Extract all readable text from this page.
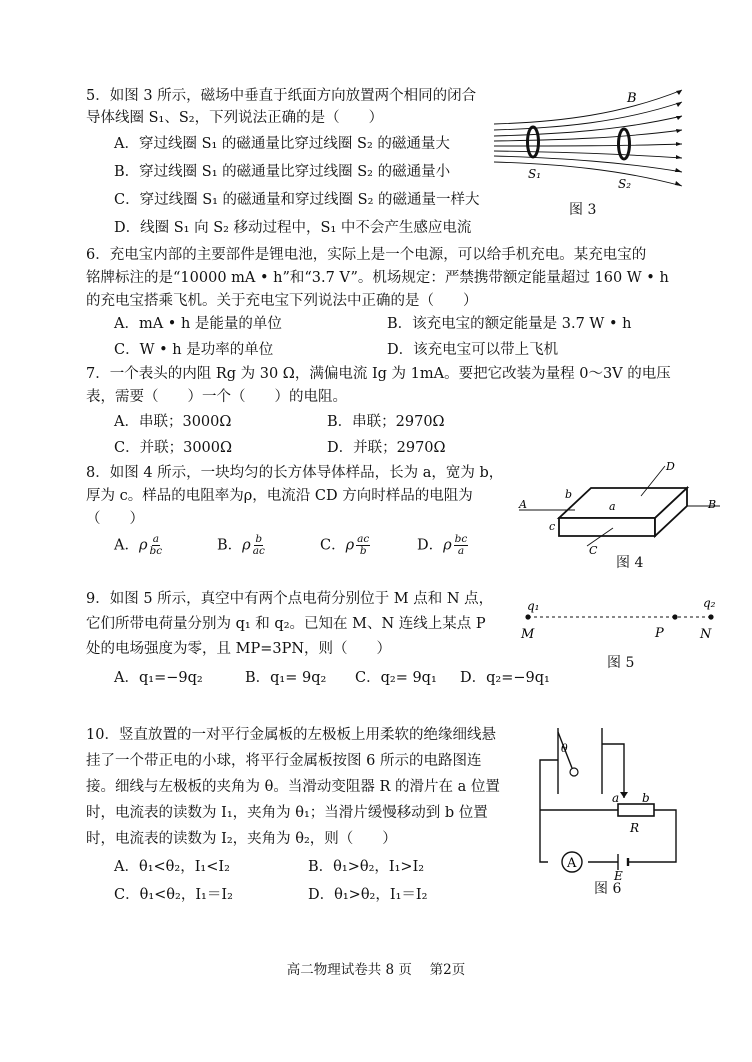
5．如图 3 所示，磁场中垂直于纸面方向放置两个相同的闭合
导体线圈 S₁、S₂，下列说法正确的是（　　）
A．穿过线圈 S₁ 的磁通量比穿过线圈 S₂ 的磁通量大
B．穿过线圈 S₁ 的磁通量比穿过线圈 S₂ 的磁通量小
C．穿过线圈 S₁ 的磁通量和穿过线圈 S₂ 的磁通量一样大
D．线圈 S₁ 向 S₂ 移动过程中，S₁ 中不会产生感应电流
B
S₁
S₂
图 3
6．充电宝内部的主要部件是锂电池，实际上是一个电源，可以给手机充电。某充电宝的
铭牌标注的是“10000 mA • h”和“3.7 V”。机场规定：严禁携带额定能量超过 160 W • h
的充电宝搭乘飞机。关于充电宝下列说法中正确的是（　　）
A．mA • h 是能量的单位	B．该充电宝的额定能量是 3.7 W • h
C．W • h 是功率的单位	D．该充电宝可以带上飞机
7．一个表头的内阻 Rg 为 30 Ω，满偏电流 Ig 为 1mA。要把它改装为量程 0～3V 的电压
表，需要（　　）一个（　　）的电阻。
A．串联；3000Ω	B．串联；2970Ω
C．并联；3000Ω	D．并联；2970Ω
8．如图 4 所示，一块均匀的长方体导体样品，长为 a，宽为 b，
厚为 c。样品的电阻率为ρ，电流沿 CD 方向时样品的电阻为
（　　）
A．ρ $\frac{a}{bc}$	B．ρ $\frac{b}{ac}$	C．ρ $\frac{ac}{b}$	D．ρ $\frac{bc}{a}$
A	B
C
D
a
b
c
图 4
9．如图 5 所示，真空中有两个点电荷分别位于 M 点和 N 点，
它们所带电荷量分别为 q₁ 和 q₂。已知在 M、N 连线上某点 P
处的电场强度为零，且 MP=3PN，则（　　）
A．q₁=−9q₂	B．q₁= 9q₂ C．q₂= 9q₁ D．q₂=−9q₁
q₁	q₂
M	P	N
图 5
10．竖直放置的一对平行金属板的左极板上用柔软的绝缘细线悬
挂了一个带正电的小球，将平行金属板按图 6 所示的电路图连
接。细线与左极板的夹角为 θ。当滑动变阻器 R 的滑片在 a 位置
时，电流表的读数为 I₁，夹角为 θ₁；当滑片缓慢移动到 b 位置
时，电流表的读数为 I₂，夹角为 θ₂，则（　　）
A．θ₁<θ₂，I₁<I₂	B．θ₁>θ₂，I₁>I₂
C．θ₁<θ₂，I₁＝I₂	D．θ₁>θ₂，I₁＝I₂
θ
a b
R
A
E
图 6
高二物理试卷共 8 页　 第2页
